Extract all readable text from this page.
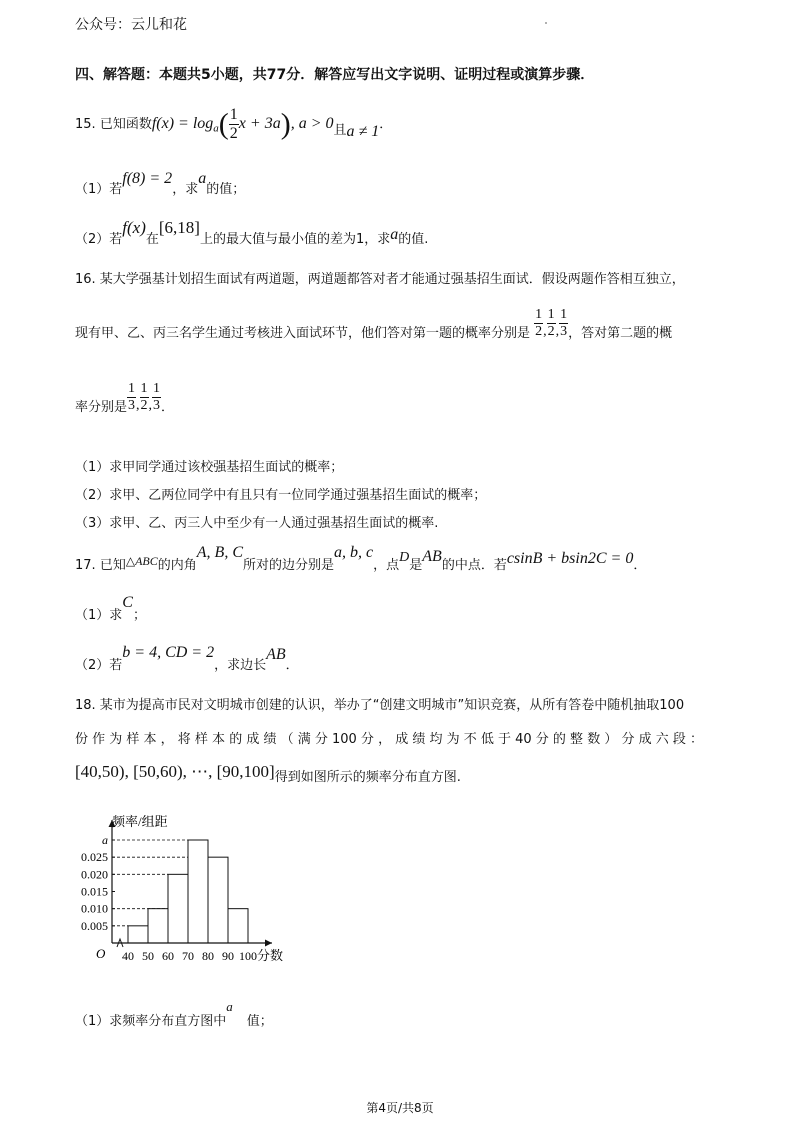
公众号：云儿和花
四、解答题：本题共5小题，共77分．解答应写出文字说明、证明过程或演算步骤．
15. 已知函数$f(x) = \log_a( \frac{1}{2}$ x + 3a), a > 0且a ≠ 1．
（1）若f(8) = 2，求a的值；
（2）若f(x)在[6,18]上的最大值与最小值的差为1，求a的值.
16. 某大学强基计划招生面试有两道题，两道题都答对者才能通过强基招生面试．假设两题作答相互独立，
现有甲、乙、丙三名学生通过考核进入面试环节，他们答对第一题的概率分别是 $\frac{1}{2}$ , $\frac{1}{2}$ , $\frac{1}{3}$ ，答对第二题的概
率分别是 $\frac{1}{3}$ , $\frac{1}{2}$ , $\frac{1}{3}$ ．
（1）求甲同学通过该校强基招生面试的概率；
（2）求甲、乙两位同学中有且只有一位同学通过强基招生面试的概率；
（3）求甲、乙、丙三人中至少有一人通过强基招生面试的概率.
17. 已知△ABC的内角A, B, C所对的边分别是a, b, c，点D是AB的中点．若csinB + bsin2C = 0．
（1）求C；
（2）若b = 4, CD = 2，求边长AB．
18. 某市为提高市民对文明城市创建的认识，举办了“创建文明城市”知识竞赛，从所有答卷中随机抽取100
份 作 为 样 本 ， 将 样 本 的 成 绩 （ 满 分 100 分 ， 成 绩 均 为 不 低 于 40 分 的 整 数 ） 分 成 六 段 ：
[40,50), [50,60), ⋯, [90,100]得到如图所示的频率分布直方图.
频率/组距
O	分数
0.005
0.010
0.015
0.020
0.025
a
40 50 60 70 80 90 100
（1）求频率分布直方图中a值；
第4页/共8页
